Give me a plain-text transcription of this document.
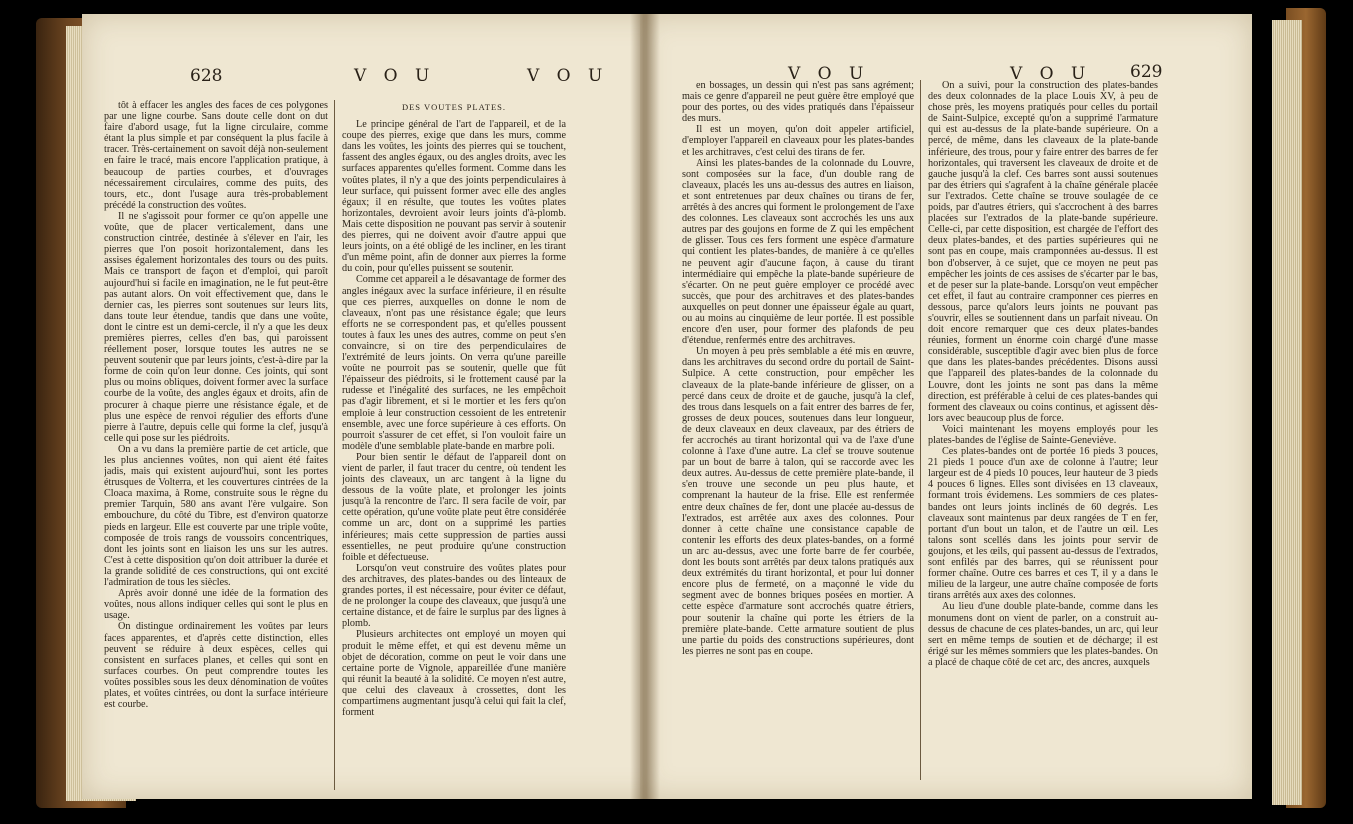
628	V O U	V O U

tôt à effacer les angles des faces de ces polygones par une ligne courbe. Sans doute celle dont on dut faire d'abord usage, fut la ligne circulaire, comme étant la plus simple et par conséquent la plus facile à tracer. Très-certainement on savoit déjà non-seulement en faire le tracé, mais encore l'application pratique, à beaucoup de parties courbes, et d'ouvrages nécessairement circulaires, comme des puits, des tours, etc., dont l'usage aura très-probablement précédé la construction des voûtes.

Il ne s'agissoit pour former ce qu'on appelle une voûte, que de placer verticalement, dans une construction cintrée, destinée à s'élever en l'air, les pierres que l'on posoit horizontalement, dans les assises également horizontales des tours ou des puits. Mais ce transport de façon et d'emploi, qui paroît aujourd'hui si facile en imagination, ne le fut peut-être pas autant alors. On voit effectivement que, dans le dernier cas, les pierres sont soutenues sur leurs lits, dans toute leur étendue, tandis que dans une voûte, dont le cintre est un demi-cercle, il n'y a que les deux premières pierres, celles d'en bas, qui paroissent réellement poser, lorsque toutes les autres ne se peuvent soutenir que par leurs joints, c'est-à-dire par la forme de coin qu'on leur donne. Ces joints, qui sont plus ou moins obliques, doivent former avec la surface courbe de la voûte, des angles égaux et droits, afin de procurer à chaque pierre une résistance égale, et de plus une espèce de renvoi régulier des efforts d'une pierre à l'autre, depuis celle qui forme la clef, jusqu'à celle qui pose sur les piédroits.

On a vu dans la première partie de cet article, que les plus anciennes voûtes, non qui aient été faites jadis, mais qui existent aujourd'hui, sont les portes étrusques de Volterra, et les couvertures cintrées de la Cloaca maxima, à Rome, construite sous le règne du premier Tarquin, 580 ans avant l'ère vulgaire. Son embouchure, du côté du Tibre, est d'environ quatorze pieds en largeur. Elle est couverte par une triple voûte, composée de trois rangs de voussoirs concentriques, dont les joints sont en liaison les uns sur les autres. C'est à cette disposition qu'on doit attribuer la durée et la grande solidité de ces constructions, qui ont excité l'admiration de tous les siècles.

Après avoir donné une idée de la formation des voûtes, nous allons indiquer celles qui sont le plus en usage.

On distingue ordinairement les voûtes par leurs faces apparentes, et d'après cette distinction, elles peuvent se réduire à deux espèces, celles qui consistent en surfaces planes, et celles qui sont en surfaces courbes. On peut comprendre toutes les voûtes possibles sous les deux dénomination de voûtes plates, et voûtes cintrées, ou dont la surface intérieure est courbe.

DES VOUTES PLATES.

Le principe général de l'art de l'appareil, et de la coupe des pierres, exige que dans les murs, comme dans les voûtes, les joints des pierres qui se touchent, fassent des angles égaux, ou des angles droits, avec les surfaces apparentes qu'elles forment. Comme dans les voûtes plates, il n'y a que des joints perpendiculaires à leur surface, qui puissent former avec elle des angles égaux; il en résulte, que toutes les voûtes plates horizontales, devroient avoir leurs joints d'à-plomb. Mais cette disposition ne pouvant pas servir à soutenir des pierres, qui ne doivent avoir d'autre appui que leurs joints, on a été obligé de les incliner, en les tirant d'un même point, afin de donner aux pierres la forme du coin, pour qu'elles puissent se soutenir.

Comme cet appareil a le désavantage de former des angles inégaux avec la surface inférieure, il en résulte que ces pierres, auxquelles on donne le nom de claveaux, n'ont pas une résistance égale; que leurs efforts ne se correspondent pas, et qu'elles poussent toutes à faux les unes des autres, comme on peut s'en convaincre, si on tire des perpendiculaires de l'extrémité de leurs joints. On verra qu'une pareille voûte ne pourroit pas se soutenir, quelle que fût l'épaisseur des piédroits, si le frottement causé par la rudesse et l'inégalité des surfaces, ne les empêchoit pas d'agir librement, et si le mortier et les fers qu'on emploie à leur construction cessoient de les entretenir ensemble, avec une force supérieure à ces efforts. On pourroit s'assurer de cet effet, si l'on vouloit faire un modèle d'une semblable plate-bande en marbre poli.

Pour bien sentir le défaut de l'appareil dont on vient de parler, il faut tracer du centre, où tendent les joints des claveaux, un arc tangent à la ligne du dessous de la voûte plate, et prolonger les joints jusqu'à la rencontre de l'arc. Il sera facile de voir, par cette opération, qu'une voûte plate peut être considérée comme un arc, dont on a supprimé les parties inférieures; mais cette suppression de parties aussi essentielles, ne peut produire qu'une construction foible et défectueuse.

Lorsqu'on veut construire des voûtes plates pour des architraves, des plates-bandes ou des linteaux de grandes portes, il est nécessaire, pour éviter ce défaut, de ne prolonger la coupe des claveaux, que jusqu'à une certaine distance, et de faire le surplus par des lignes à plomb.

Plusieurs architectes ont employé un moyen qui produit le même effet, et qui est devenu même un objet de décoration, comme on peut le voir dans une certaine porte de Vignole, appareillée d'une manière qui réunit la beauté à la solidité. Ce moyen n'est autre, que celui des claveaux à crossettes, dont les compartimens augmentant jusqu'à celui qui fait la clef, forment

V O U	V O U 629

en bossages, un dessin qui n'est pas sans agrément; mais ce genre d'appareil ne peut guère être employé que pour des portes, ou des vides pratiqués dans l'épaisseur des murs.

Il est un moyen, qu'on doit appeler artificiel, d'employer l'appareil en claveaux pour les plates-bandes et les architraves, c'est celui des tirans de fer.

Ainsi les plates-bandes de la colonnade du Louvre, sont composées sur la face, d'un double rang de claveaux, placés les uns au-dessus des autres en liaison, et sont entretenues par deux chaînes ou tirans de fer, arrêtés à des ancres qui forment le prolongement de l'axe des colonnes. Les claveaux sont accrochés les uns aux autres par des goujons en forme de Z qui les empêchent de glisser. Tous ces fers forment une espèce d'armature qui contient les plates-bandes, de manière à ce qu'elles ne peuvent agir d'aucune façon, à cause du tirant intermédiaire qui empêche la plate-bande supérieure de s'écarter. On ne peut guère employer ce procédé avec succès, que pour des architraves et des plates-bandes auxquelles on peut donner une épaisseur égale au quart, ou au moins au cinquième de leur portée. Il est possible encore d'en user, pour former des plafonds de peu d'étendue, renfermés entre des architraves.

Un moyen à peu près semblable a été mis en œuvre, dans les architraves du second ordre du portail de Saint-Sulpice. A cette construction, pour empêcher les claveaux de la plate-bande inférieure de glisser, on a percé dans ceux de droite et de gauche, jusqu'à la clef, des trous dans lesquels on a fait entrer des barres de fer, grosses de deux pouces, soutenues dans leur longueur, de deux claveaux en deux claveaux, par des étriers de fer accrochés au tirant horizontal qui va de l'axe d'une colonne à l'axe d'une autre. La clef se trouve soutenue par un bout de barre à talon, qui se raccorde avec les deux autres. Au-dessus de cette première plate-bande, il s'en trouve une seconde un peu plus haute, et comprenant la hauteur de la frise. Elle est renfermée entre deux chaînes de fer, dont une placée au-dessus de l'extrados, est arrêtée aux axes des colonnes. Pour donner à cette chaîne une consistance capable de contenir les efforts des deux plates-bandes, on a formé un arc au-dessus, avec une forte barre de fer courbée, dont les bouts sont arrêtés par deux talons pratiqués aux deux extrémités du tirant horizontal, et pour lui donner encore plus de fermeté, on a maçonné le vide du segment avec de bonnes briques posées en mortier. A cette espèce d'armature sont accrochés quatre étriers, pour soutenir la chaîne qui porte les étriers de la première plate-bande. Cette armature soutient de plus une partie du poids des constructions supérieures, dont les pierres ne sont pas en coupe.

On a suivi, pour la construction des plates-bandes des deux colonnades de la place Louis XV, à peu de chose près, les moyens pratiqués pour celles du portail de Saint-Sulpice, excepté qu'on a supprimé l'armature qui est au-dessus de la plate-bande supérieure. On a percé, de même, dans les claveaux de la plate-bande inférieure, des trous, pour y faire entrer des barres de fer horizontales, qui traversent les claveaux de droite et de gauche jusqu'à la clef. Ces barres sont aussi soutenues par des étriers qui s'agrafent à la chaîne générale placée sur l'extrados. Cette chaîne se trouve soulagée de ce poids, par d'autres étriers, qui s'accrochent à des barres placées sur l'extrados de la plate-bande supérieure. Celle-ci, par cette disposition, est chargée de l'effort des deux plates-bandes, et des parties supérieures qui ne sont pas en coupe, mais cramponnées au-dessus. Il est bon d'observer, à ce sujet, que ce moyen ne peut pas empêcher les joints de ces assises de s'écarter par le bas, et de peser sur la plate-bande. Lorsqu'on veut empêcher cet effet, il faut au contraire cramponner ces pierres en dessous, parce qu'alors leurs joints ne pouvant pas s'ouvrir, elles se soutiennent dans un parfait niveau. On doit encore remarquer que ces deux plates-bandes réunies, forment un énorme coin chargé d'une masse considérable, susceptible d'agir avec bien plus de force que dans les plates-bandes précédentes. Disons aussi que l'appareil des plates-bandes de la colonnade du Louvre, dont les joints ne sont pas dans la même direction, est préférable à celui de ces plates-bandes qui forment des claveaux ou coins continus, et agissent dès-lors avec beaucoup plus de force.

Voici maintenant les moyens employés pour les plates-bandes de l'église de Sainte-Geneviève.

Ces plates-bandes ont de portée 16 pieds 3 pouces, 21 pieds 1 pouce d'un axe de colonne à l'autre; leur largeur est de 4 pieds 10 pouces, leur hauteur de 3 pieds 4 pouces 6 lignes. Elles sont divisées en 13 claveaux, formant trois évidemens. Les sommiers de ces plates-bandes ont leurs joints inclinés de 60 degrés. Les claveaux sont maintenus par deux rangées de T en fer, portant d'un bout un talon, et de l'autre un œil. Les talons sont scellés dans les joints pour servir de goujons, et les œils, qui passent au-dessus de l'extrados, sont enfilés par des barres, qui se réunissent pour former chaîne. Outre ces barres et ces T, il y a dans le milieu de la largeur, une autre chaîne composée de forts tirans arrêtés aux axes des colonnes.

Au lieu d'une double plate-bande, comme dans les monumens dont on vient de parler, on a construit au-dessus de chacune de ces plates-bandes, un arc, qui leur sert en même temps de soutien et de décharge; il est érigé sur les mêmes sommiers que les plates-bandes. On a placé de chaque côté de cet arc, des ancres, auxquels
